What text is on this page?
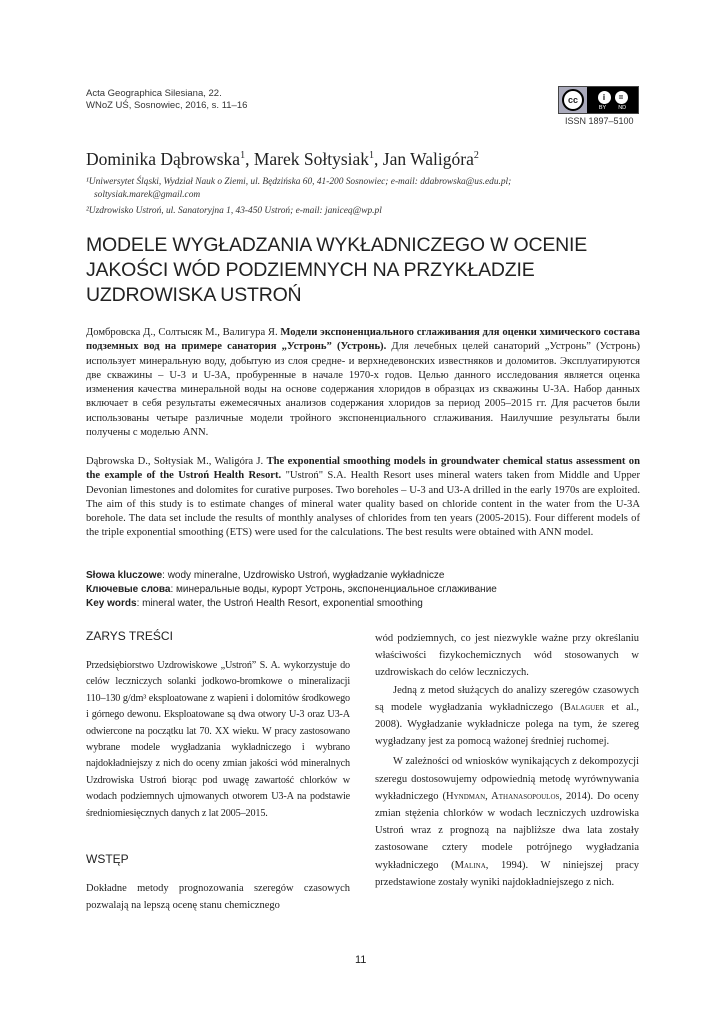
Acta Geographica Silesiana, 22.
WNoZ UŚ, Sosnowiec, 2016, s. 11–16	cc	i	=
BY ND
ISSN 1897–5100
Dominika Dąbrowska$^1$, Marek Sołtysiak$^1$, Jan Waligóra$^2$
¹Uniwersytet Śląski, Wydział Nauk o Ziemi, ul. Będzińska 60, 41-200 Sosnowiec; e-mail: ddabrowska@us.edu.pl;
soltysiak.marek@gmail.com
²Uzdrowisko Ustroń, ul. Sanatoryjna 1, 43-450 Ustroń; e-mail: janiceq@wp.pl
MODELE WYGŁADZANIA WYKŁADNICZEGO W OCENIE
JAKOŚCI WÓD PODZIEMNYCH NA PRZYKŁADZIE
UZDROWISKA USTROŃ
Домбровска Д., Солтысяк М., Валигура Я. Модели экспоненциального сглаживания для оценки химического состава подземных вод на примере санатория „Устронь” (Устронь). Для лечебных целей санаторий „Устронь” (Устронь) использует минеральную воду, добытую из слоя средне- и верхнедевонских известняков и доломитов. Эксплуатируются две скважины – U-3 и U-3A, пробуренные в начале 1970-х годов. Целью данного исследования является оценка изменения качества минеральной воды на основе содержания хлоридов в образцах из скважины U-3A. Набор данных включает в себя результаты ежемесячных анализов содержания хлоридов за период 2005–2015 гг. Для расчетов были использованы четыре различные модели тройного экспоненциального сглаживания. Наилучшие результаты были получены с моделью ANN.
Dąbrowska D., Sołtysiak M., Waligóra J. The exponential smoothing models in groundwater chemical status assessment on the example of the Ustroń Health Resort. "Ustroń" S.A. Health Resort uses mineral waters taken from Middle and Upper Devonian limestones and dolomites for curative purposes. Two boreholes – U-3 and U3-A drilled in the early 1970s are exploited. The aim of this study is to estimate changes of mineral water quality based on chloride content in the water from the U-3A borehole. The data set include the results of monthly analyses of chlorides from ten years (2005-2015). Four different models of the triple exponential smoothing (ETS) were used for the calculations. The best results were obtained with ANN model.
Słowa kluczowe: wody mineralne, Uzdrowisko Ustroń, wygładzanie wykładnicze
Ключевые слова: минеральные воды, курорт Устронь, экспоненциальное сглаживание
Key words: mineral water, the Ustroń Health Resort, exponential smoothing
ZARYS TREŚCI

Przedsiębiorstwo Uzdrowiskowe „Ustroń” S. A. wykorzystuje do celów leczniczych solanki jodkowo-bromkowe o mineralizacji 110–130 g/dm³ eksploatowane z wapieni i dolomitów środkowego i górnego dewonu. Eksploatowane są dwa otwory U-3 oraz U3-A odwiercone na początku lat 70. XX wieku. W pracy zastosowano wybrane modele wygładzania wykładniczego i wybrano najdokładniejszy z nich do oceny zmian jakości wód mineralnych Uzdrowiska Ustroń biorąc pod uwagę zawartość chlorków w wodach podziemnych ujmowanych otworem U3-A na podstawie średniomiesięcznych danych z lat 2005–2015.

WSTĘP

Dokładne metody prognozowania szeregów czasowych pozwalają na lepszą ocenę stanu chemicznego

wód podziemnych, co jest niezwykle ważne przy określaniu właściwości fizykochemicznych wód stosowanych w uzdrowiskach do celów leczniczych.

Jedną z metod służących do analizy szeregów czasowych są modele wygładzania wykładniczego (Balaguer et al., 2008). Wygładzanie wykładnicze polega na tym, że szereg wygładzany jest za pomocą ważonej średniej ruchomej.

W zależności od wniosków wynikających z dekompozycji szeregu dostosowujemy odpowiednią metodę wyrównywania wykładniczego (Hyndman, Athanasopoulos, 2014). Do oceny zmian stężenia chlorków w wodach leczniczych uzdrowiska Ustroń wraz z prognozą na najbliższe dwa lata zostały zastosowane cztery modele potrójnego wygładzania wykładniczego (Malina, 1994). W niniejszej pracy przedstawione zostały wyniki najdokładniejszego z nich.

11
